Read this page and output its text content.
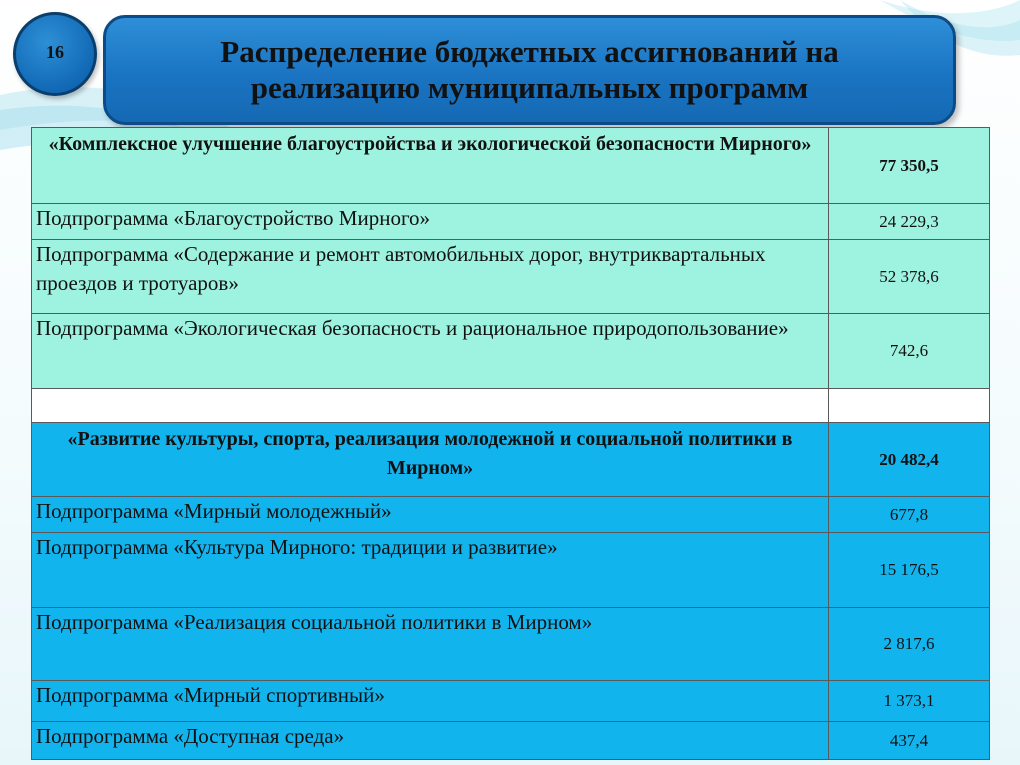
16	Распределение бюджетных ассигнований на
реализацию муниципальных программ
«Комплексное улучшение благоустройства и экологической безопасности Мирного»	77 350,5
Подпрограмма «Благоустройство Мирного»	24 229,3
Подпрограмма «Содержание и ремонт автомобильных дорог, внутриквартальных проездов и тротуаров»	52 378,6
Подпрограмма «Экологическая безопасность и рациональное природопользование»	742,6

«Развитие культуры, спорта, реализация молодежной и социальной политики в Мирном»	20 482,4
Подпрограмма «Мирный молодежный»	677,8
Подпрограмма «Культура Мирного: традиции и развитие»	15 176,5
Подпрограмма «Реализация социальной политики в Мирном»	2 817,6
Подпрограмма «Мирный спортивный»	1 373,1
Подпрограмма «Доступная среда»	437,4
